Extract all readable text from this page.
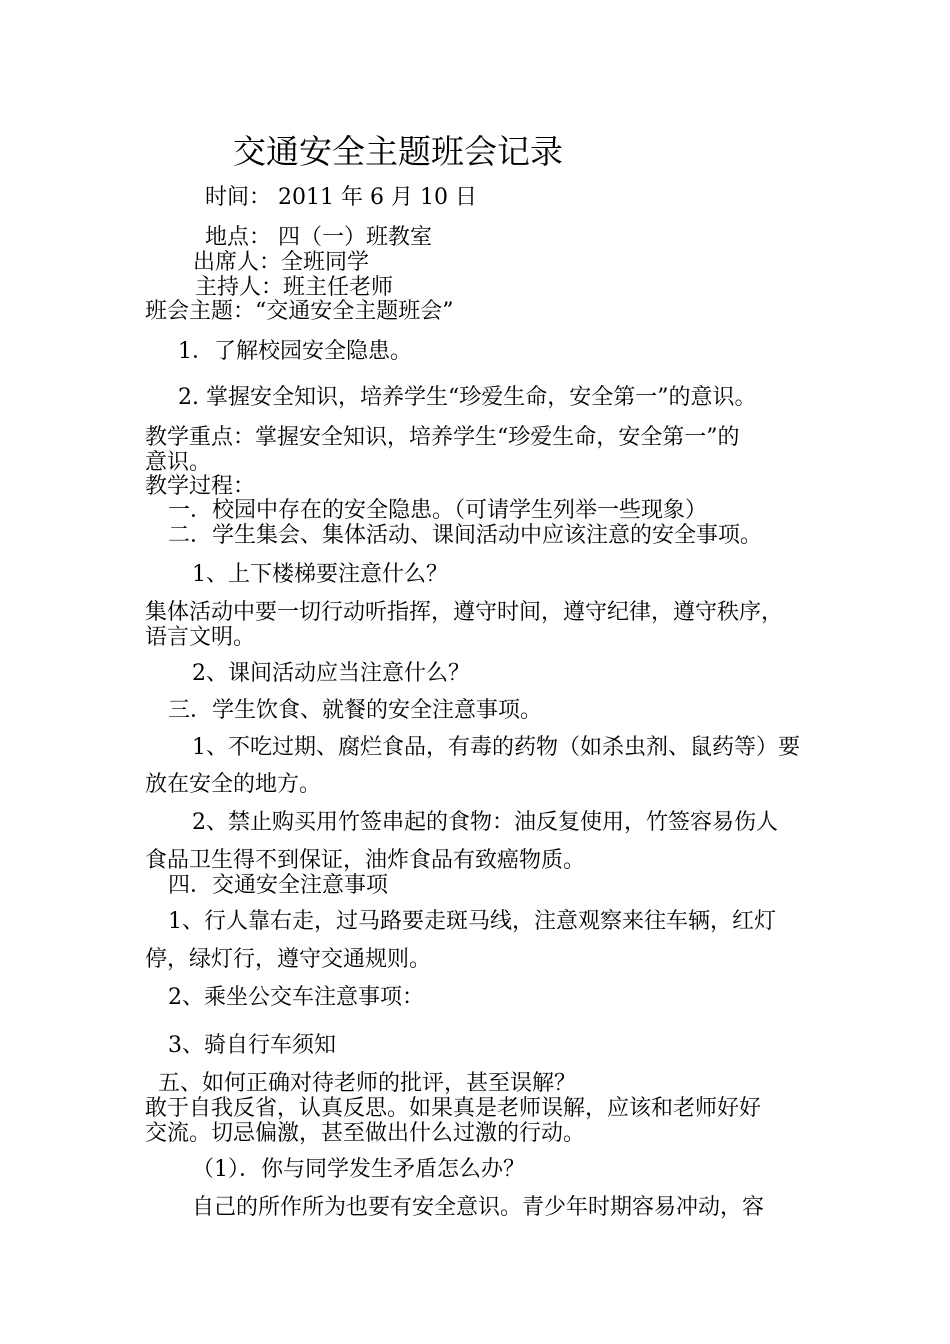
交通安全主题班会记录
时间： 2011 年 6 月 10 日
地点： 四（一）班教室
出席人：全班同学
主持人：班主任老师
班会主题：“交通安全主题班会”
1．了解校园安全隐患。
2. 掌握安全知识，培养学生“珍爱生命，安全第一”的意识。
教学重点：掌握安全知识，培养学生“珍爱生命，安全第一”的
意识。
教学过程：
一．校园中存在的安全隐患。（可请学生列举一些现象）
二．学生集会、集体活动、课间活动中应该注意的安全事项。
1、上下楼梯要注意什么？
集体活动中要一切行动听指挥，遵守时间，遵守纪律，遵守秩序，
语言文明。
2、课间活动应当注意什么？
三．学生饮食、就餐的安全注意事项。
1、不吃过期、腐烂食品，有毒的药物（如杀虫剂、鼠药等）要
放在安全的地方。
2、禁止购买用竹签串起的食物：油反复使用，竹签容易伤人
食品卫生得不到保证，油炸食品有致癌物质。
四．交通安全注意事项
1、行人靠右走，过马路要走斑马线，注意观察来往车辆，红灯
停，绿灯行，遵守交通规则。
2、乘坐公交车注意事项：
3、骑自行车须知
五、如何正确对待老师的批评，甚至误解？
敢于自我反省，认真反思。如果真是老师误解，应该和老师好好
交流。切忌偏激，甚至做出什么过激的行动。
（1）．你与同学发生矛盾怎么办？
自己的所作所为也要有安全意识。青少年时期容易冲动，容
